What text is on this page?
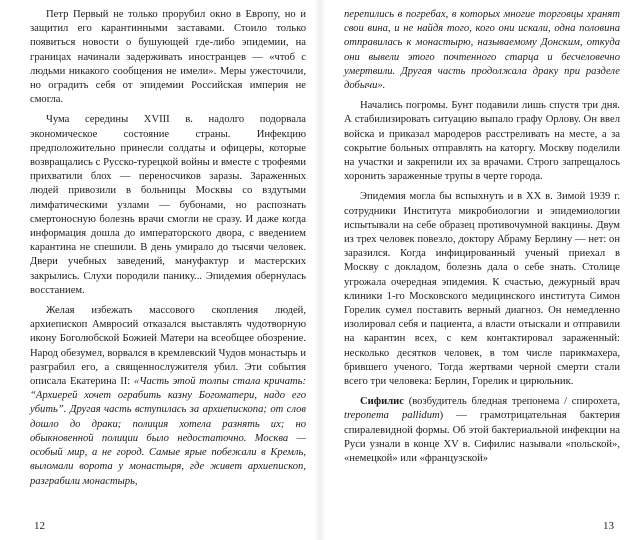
Петр Первый не только прорубил окно в Европу, но и защитил его карантинными заставами. Стоило только появиться новости о бушующей где-либо эпидемии, на границах начинали задерживать иностранцев — «чтоб с людьми никакого сообщения не имели». Меры ужесточили, но оградить себя от эпидемии Российская империя не смогла.

Чума середины XVIII в. надолго подорвала экономическое состояние страны. Инфекцию предположительно принесли солдаты и офицеры, которые возвращались с Русско-турецкой войны и вместе с трофеями прихватили блох — переносчиков заразы. Зараженных людей привозили в больницы Москвы со вздутыми лимфатическими узлами — бубонами, но распознать смертоносную болезнь врачи смогли не сразу. И даже когда информация дошла до императорского двора, с введением карантина не спешили. В день умирало до тысячи человек. Двери учебных заведений, мануфактур и мастерских закрылись. Слухи породили панику... Эпидемия обернулась восстанием.

Желая избежать массового скопления людей, архиепископ Амвросий отказался выставлять чудотворную икону Боголюбской Божией Матери на всеобщее обозрение. Народ обезумел, ворвался в кремлевский Чудов монастырь и разграбил его, а священнослужителя убил. Эти события описала Екатерина II: «Часть этой толпы стала кричать: “Архиерей хочет ограбить казну Богоматери, надо его убить”. Другая часть вступилась за архиепископа; от слов дошло до драки; полиция хотела разнять их; но обыкновенной полиции было недостаточно. Москва — особый мир, а не город. Самые ярые побежали в Кремль, выломали ворота у монастыря, где живет архиепископ, разграбили монастырь,

12

перепились в погребах, в которых многие торговцы хранят свои вина, и не найдя того, кого они искали, одна половина отправилась к монастырю, называемому Донским, откуда они вывели этого почтенного старца и бесчеловечно умертвили. Другая часть продолжала драку при разделе добычи».

Начались погромы. Бунт подавили лишь спустя три дня. А стабилизировать ситуацию выпало графу Орлову. Он ввел войска и приказал мародеров расстреливать на месте, а за сокрытие больных отправлять на каторгу. Москву поделили на участки и закрепили их за врачами. Строго запрещалось хоронить зараженные трупы в черте города.

Эпидемия могла бы вспыхнуть и в XX в. Зимой 1939 г. сотрудники Института микробиологии и эпидемиологии испытывали на себе образец противочумной вакцины. Двум из трех человек повезло, доктору Абраму Берлину — нет: он заразился. Когда инфицированный ученый приехал в Москву с докладом, болезнь дала о себе знать. Столице угрожала очередная эпидемия. К счастью, дежурный врач клиники 1-го Московского медицинского института Симон Горелик сумел поставить верный диагноз. Он немедленно изолировал себя и пациента, а власти отыскали и отправили на карантин всех, с кем контактировал зараженный: несколько десятков человек, в том числе парикмахера, брившего ученого. Тогда жертвами черной смерти стали всего три человека: Берлин, Горелик и цирюльник.

Сифилис (возбудитель бледная трепонема / спирохета, treponema pallidum) — грамотрицательная бактерия спиралевидной формы. Об этой бактериальной инфекции на Руси узнали в конце XV в. Сифилис называли «польской», «немецкой» или «французской»

13
